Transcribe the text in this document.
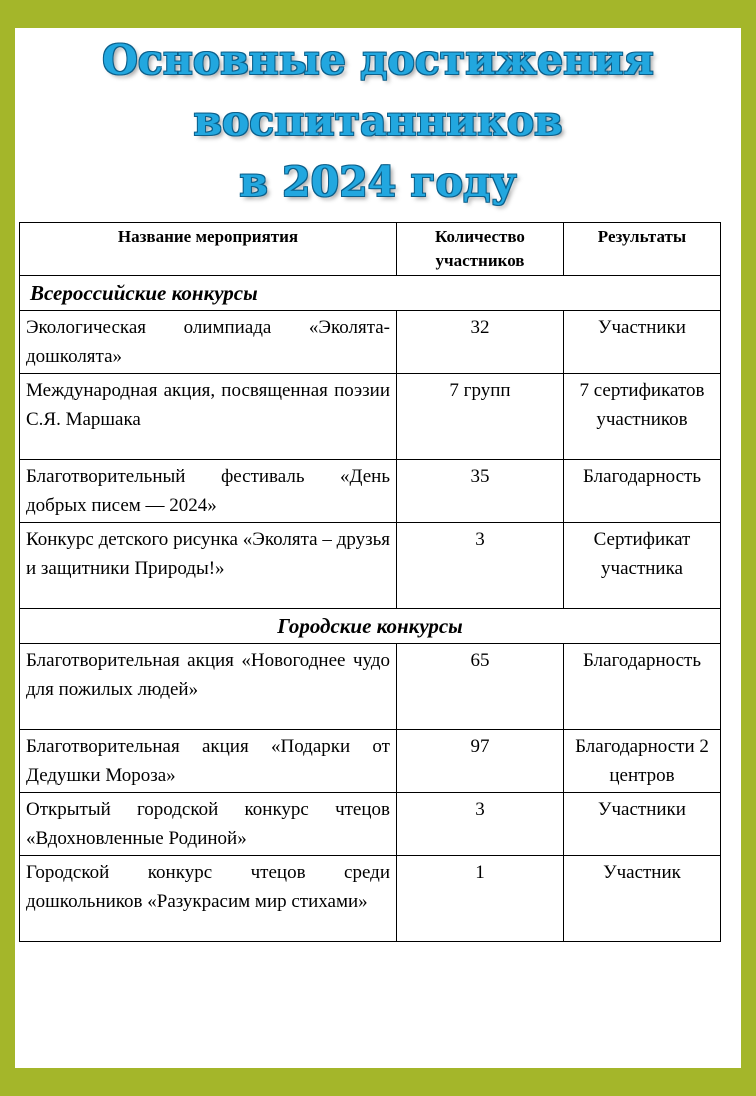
Основные достижения
воспитанников
в 2024 году
Название мероприятия	Количество участников	Результаты
Всероссийские конкурсы		
Экологическая олимпиада «Эколята-дошколята»	32	Участники
Международная акция, посвященная поэзии С.Я. Маршака	7 групп	7 сертификатов участников
Благотворительный фестиваль «День добрых писем — 2024»	35	Благодарность
Конкурс детского рисунка «Эколята – друзья и защитники Природы!»	3	Сертификат участника
Городские конкурсы		
Благотворительная акция «Новогоднее чудо для пожилых людей»	65	Благодарность
Благотворительная акция «Подарки от Дедушки Мороза»	97	Благодарности 2 центров
Открытый городской конкурс чтецов «Вдохновленные Родиной»	3	Участники
Городской конкурс чтецов среди дошкольников «Разукрасим мир стихами»	1	Участник
